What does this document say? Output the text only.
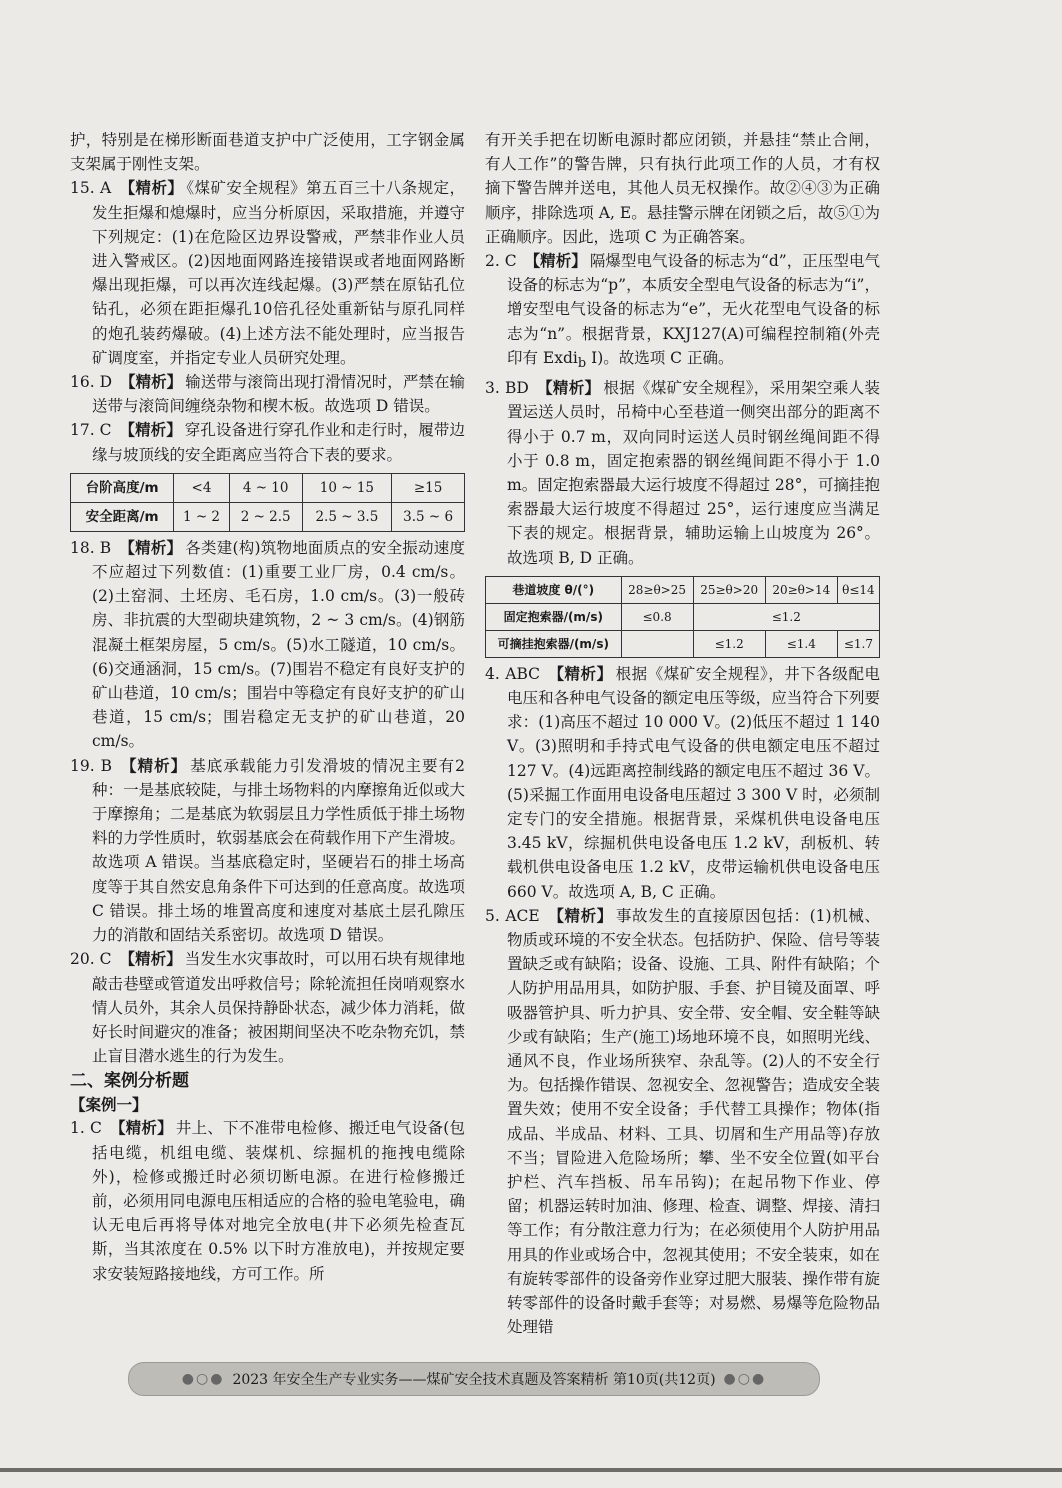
护，特别是在梯形断面巷道支护中广泛使用，工字钢金属支架属于刚性支架。

15. A 【精析】 《煤矿安全规程》第五百三十八条规定，发生拒爆和熄爆时，应当分析原因，采取措施，并遵守下列规定：(1)在危险区边界设警戒，严禁非作业人员进入警戒区。(2)因地面网路连接错误或者地面网路断爆出现拒爆，可以再次连线起爆。(3)严禁在原钻孔位钻孔，必须在距拒爆孔10倍孔径处重新钻与原孔同样的炮孔装药爆破。(4)上述方法不能处理时，应当报告矿调度室，并指定专业人员研究处理。

16. D 【精析】 输送带与滚筒出现打滑情况时，严禁在输送带与滚筒间缠绕杂物和楔木板。故选项 D 错误。

17. C 【精析】 穿孔设备进行穿孔作业和走行时，履带边缘与坡顶线的安全距离应当符合下表的要求。

台阶高度/m	<4	4 ~ 10	10 ~ 15	≥15
安全距离/m	1 ~ 2	2 ~ 2.5	2.5 ~ 3.5	3.5 ~ 6

18. B 【精析】 各类建(构)筑物地面质点的安全振动速度不应超过下列数值：(1)重要工业厂房，0.4 cm/s。(2)土窑洞、土坯房、毛石房，1.0 cm/s。(3)一般砖房、非抗震的大型砌块建筑物，2 ~ 3 cm/s。(4)钢筋混凝土框架房屋，5 cm/s。(5)水工隧道，10 cm/s。(6)交通涵洞，15 cm/s。(7)围岩不稳定有良好支护的矿山巷道，10 cm/s；围岩中等稳定有良好支护的矿山巷道，15 cm/s；围岩稳定无支护的矿山巷道，20 cm/s。

19. B 【精析】 基底承载能力引发滑坡的情况主要有2种：一是基底较陡，与排土场物料的内摩擦角近似或大于摩擦角；二是基底为软弱层且力学性质低于排土场物料的力学性质时，软弱基底会在荷载作用下产生滑坡。故选项 A 错误。当基底稳定时，坚硬岩石的排土场高度等于其自然安息角条件下可达到的任意高度。故选项 C 错误。排土场的堆置高度和速度对基底土层孔隙压力的消散和固结关系密切。故选项 D 错误。

20. C 【精析】 当发生水灾事故时，可以用石块有规律地敲击巷壁或管道发出呼救信号；除轮流担任岗哨观察水情人员外，其余人员保持静卧状态，减少体力消耗，做好长时间避灾的准备；被困期间坚决不吃杂物充饥，禁止盲目潜水逃生的行为发生。

二、案例分析题

【案例一】

1. C 【精析】 井上、下不准带电检修、搬迁电气设备(包括电缆，机组电缆、装煤机、综掘机的拖拽电缆除外)，检修或搬迁时必须切断电源。在进行检修搬迁前，必须用同电源电压相适应的合格的验电笔验电，确认无电后再将导体对地完全放电(井下必须先检查瓦斯，当其浓度在 0.5% 以下时方准放电)，并按规定要求安装短路接地线，方可工作。所

有开关手把在切断电源时都应闭锁，并悬挂“禁止合闸，有人工作”的警告牌，只有执行此项工作的人员，才有权摘下警告牌并送电，其他人员无权操作。故②④③为正确顺序，排除选项 A, E。悬挂警示牌在闭锁之后，故⑤①为正确顺序。因此，选项 C 为正确答案。

2. C 【精析】 隔爆型电气设备的标志为“d”，正压型电气设备的标志为“p”，本质安全型电气设备的标志为“i”，增安型电气设备的标志为“e”，无火花型电气设备的标志为“n”。根据背景，KXJ127(A)可编程控制箱(外壳印有 Exdi$_b$ I)。故选项 C 正确。

3. BD 【精析】 根据《煤矿安全规程》，采用架空乘人装置运送人员时，吊椅中心至巷道一侧突出部分的距离不得小于 0.7 m，双向同时运送人员时钢丝绳间距不得小于 0.8 m，固定抱索器的钢丝绳间距不得小于 1.0 m。固定抱索器最大运行坡度不得超过 28°，可摘挂抱索器最大运行坡度不得超过 25°，运行速度应当满足下表的规定。根据背景，辅助运输上山坡度为 26°。故选项 B, D 正确。

巷道坡度 θ/(°)	28≥θ>25	25≥θ>20	20≥θ>14	θ≤14
固定抱索器/(m/s)	≤0.8	≤1.2		
可摘挂抱索器/(m/s)		≤1.2	≤1.4	≤1.7

4. ABC 【精析】 根据《煤矿安全规程》，井下各级配电电压和各种电气设备的额定电压等级，应当符合下列要求：(1)高压不超过 10 000 V。(2)低压不超过 1 140 V。(3)照明和手持式电气设备的供电额定电压不超过 127 V。(4)远距离控制线路的额定电压不超过 36 V。(5)采掘工作面用电设备电压超过 3 300 V 时，必须制定专门的安全措施。根据背景，采煤机供电设备电压 3.45 kV，综掘机供电设备电压 1.2 kV，刮板机、转载机供电设备电压 1.2 kV，皮带运输机供电设备电压 660 V。故选项 A, B, C 正确。

5. ACE 【精析】 事故发生的直接原因包括：(1)机械、物质或环境的不安全状态。包括防护、保险、信号等装置缺乏或有缺陷；设备、设施、工具、附件有缺陷；个人防护用品用具，如防护服、手套、护目镜及面罩、呼吸器管护具、听力护具、安全带、安全帽、安全鞋等缺少或有缺陷；生产(施工)场地环境不良，如照明光线、通风不良，作业场所狭窄、杂乱等。(2)人的不安全行为。包括操作错误、忽视安全、忽视警告；造成安全装置失效；使用不安全设备；手代替工具操作；物体(指成品、半成品、材料、工具、切屑和生产用品等)存放不当；冒险进入危险场所；攀、坐不安全位置(如平台护栏、汽车挡板、吊车吊钩)；在起吊物下作业、停留；机器运转时加油、修理、检查、调整、焊接、清扫等工作；有分散注意力行为；在必须使用个人防护用品用具的作业或场合中，忽视其使用；不安全装束，如在有旋转零部件的设备旁作业穿过肥大服装、操作带有旋转零部件的设备时戴手套等；对易燃、易爆等危险物品处理错

●○● 2023 年安全生产专业实务——煤矿安全技术真题及答案精析 第10页(共12页) ●○●
